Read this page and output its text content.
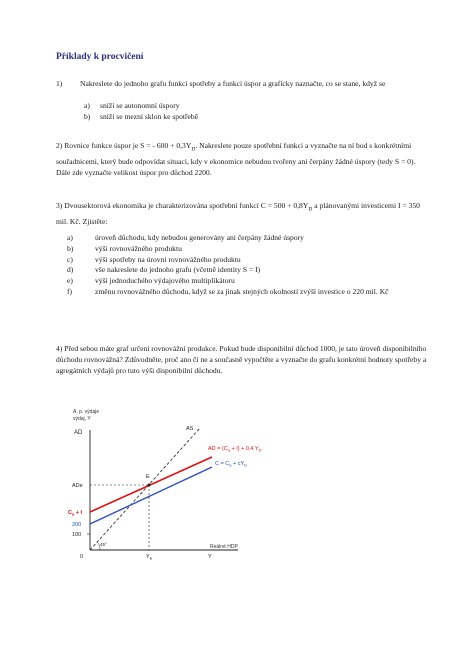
Příklady k procvičení
1)	Nakreslete do jednoho grafu funkci spotřeby a funkci úspor a graficky naznačte, co se stane, když se
a)	sníží se autonomní úspory
b)	sníží se mezní sklon ke spotřebě

2) Rovnice funkce úspor je S = - $600 + 0,3Y_D$. Nakreslete pouze spotřební funkci a vyznačte na ní bod s konkrétními souřadnicemi, který bude odpovídat situaci, kdy v ekonomice nebudou tvořeny ani čerpány žádné úspory (tedy S = 0). Dále zde vyznačte velikost úspor pro důchod 2200.

3) Dvousektorová ekonomika je charakterizována spotřební funkcí $C = 500 + 0,8Y_D$ a plánovanými investicemi I = 350 mil. Kč. Zjistěte:

a)	úroveň důchodu, kdy nebudou generovány ani čerpány žádné úspory
b)	výši rovnovážného produktu
c)	výši spotřeby na úrovni rovnovážného produktu
d)	vše nakreslete do jednoho grafu (včetně identity S = I)
e)	výši jednoduchého výdajového multiplikátoru
f)	změnu rovnovážného důchodu, když se za jinak stejných okolností zvýší investice o 220 mil. Kč

4) Před sebou máte graf určení rovnovážní produkce. Pokud bude disponibilní důchod 1000, je tato úroveň disponibilního důchodu rovnovážná? Zdůvodněte, proč ano či ne a současně vypočtěte a vyznačte do grafu konkrétní hodnoty spotřeby a agregátních výdajů pro tuto výši disponibilní důchodu.

A. p. výdaje
výdaj, Y
AD
AS
AD = $(C_a + I) + 0,4$ $Y_D$
$C = C_a + cY_D$
E
ADe
$C_a + I$
200
100
0
45°
$Y_E$	Y
Reálné HDP
